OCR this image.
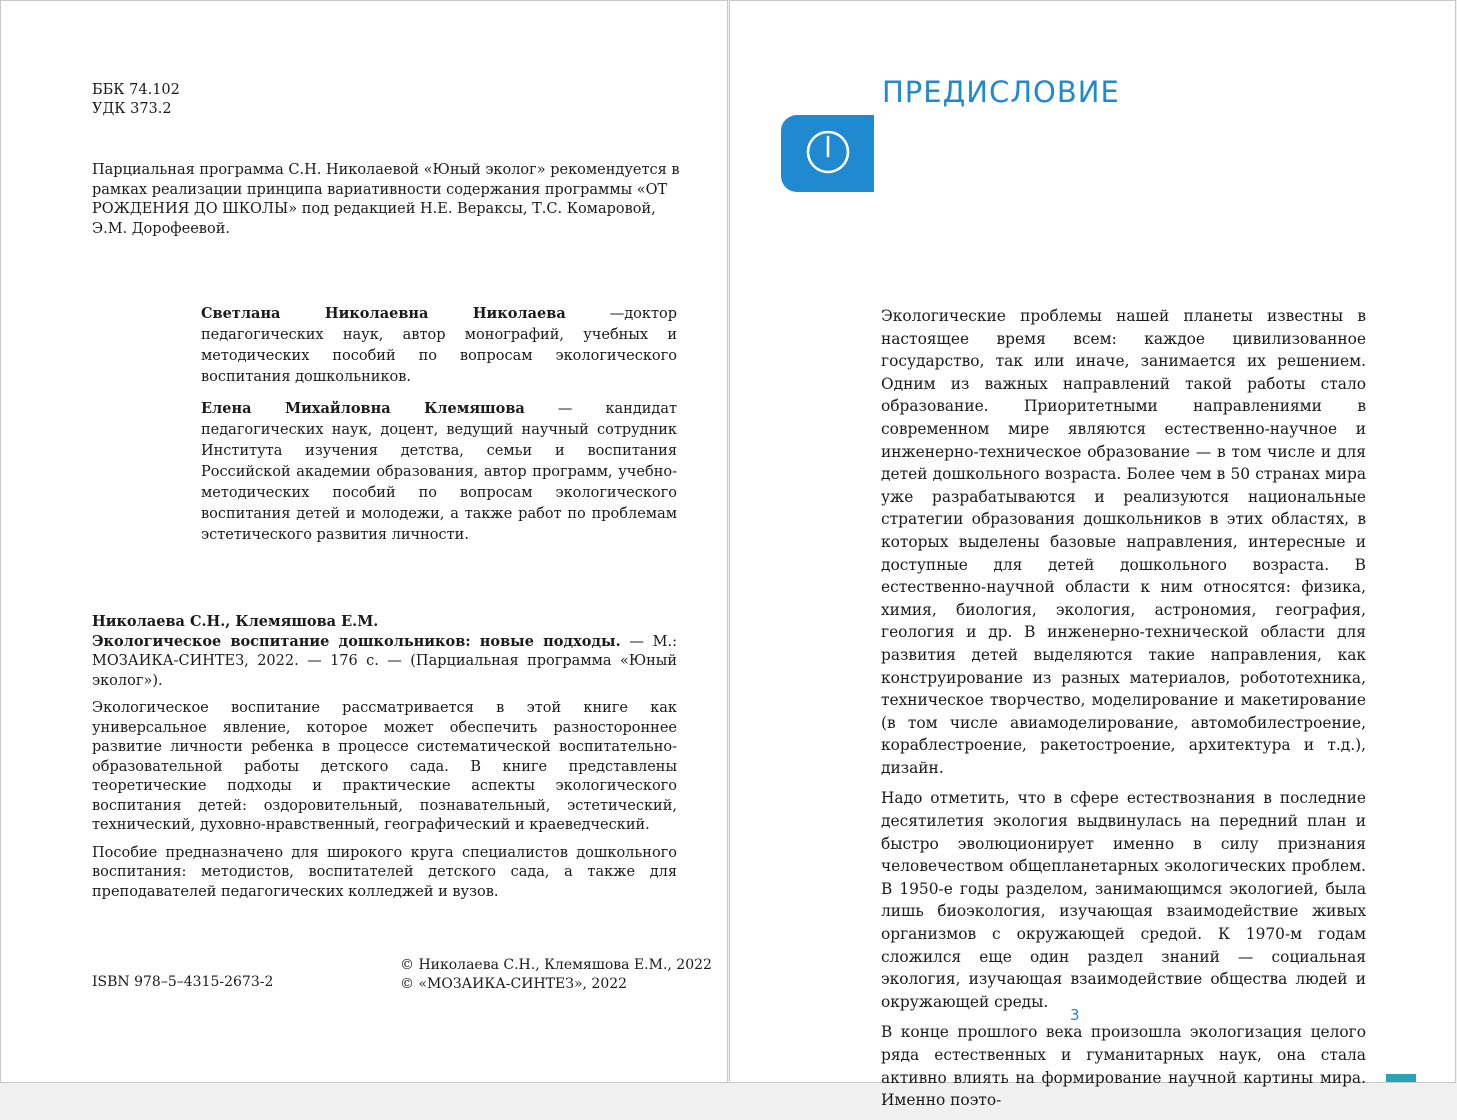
ББК 74.102
УДК 373.2
Парциальная программа С.Н. Николаевой «Юный эколог» рекомендуется в рамках реализации принципа вариативности содержания программы «ОТ РОЖДЕНИЯ ДО ШКОЛЫ» под редакцией Н.Е. Вераксы, Т.С. Комаровой, Э.М. Дорофеевой.

Светлана Николаевна Николаева —доктор педагогических наук, автор монографий, учебных и методических пособий по вопросам экологического воспитания дошкольников.

Елена Михайловна Клемяшова — кандидат педагогических наук, доцент, ведущий научный сотрудник Института изучения детства, семьи и воспитания Российской академии образования, автор программ, учебно-методических пособий по вопросам экологического воспитания детей и молодежи, а также работ по проблемам эстетического развития личности.

Николаева С.Н., Клемяшова Е.М.

Экологическое воспитание дошкольников: новые подходы. — М.: МОЗАИКА-СИНТЕЗ, 2022. — 176 с. — (Парциальная программа «Юный эколог»).

Экологическое воспитание рассматривается в этой книге как универсальное явление, которое может обеспечить разностороннее развитие личности ребенка в процессе систематической воспитательно-образовательной работы детского сада. В книге представлены теоретические подходы и практические аспекты экологического воспитания детей: оздоровительный, познавательный, эстетический, технический, духовно-нравственный, географический и краеведческий.

Пособие предназначено для широкого круга специалистов дошкольного воспитания: методистов, воспитателей детского сада, а также для преподавателей педагогических колледжей и вузов.

ISBN 978–5–4315-2673-2
© Николаева С.Н., Клемяшова Е.М., 2022
© «МОЗАИКА-СИНТЕЗ», 2022
ПРЕДИСЛОВИЕ

Экологические проблемы нашей планеты известны в настоящее время всем: каждое цивилизованное государство, так или иначе, занимается их решением. Одним из важных направлений такой работы стало образование. Приоритетными направлениями в современном мире являются естественно-научное и инженерно-техническое образование — в том числе и для детей дошкольного возраста. Более чем в 50 странах мира уже разрабатываются и реализуются национальные стратегии образования дошкольников в этих областях, в которых выделены базовые направления, интересные и доступные для детей дошкольного возраста. В естественно-научной области к ним относятся: физика, химия, биология, экология, астрономия, география, геология и др. В инженерно-технической области для развития детей выделяются такие направления, как конструирование из разных материалов, робототехника, техническое творчество, моделирование и макетирование (в том числе авиамоделирование, автомобилестроение, кораблестроение, ракетостроение, архитектура и т.д.), дизайн.

Надо отметить, что в сфере естествознания в последние десятилетия экология выдвинулась на передний план и быстро эволюционирует именно в силу признания человечеством общепланетарных экологических проблем. В 1950-е годы разделом, занимающимся экологией, была лишь биоэкология, изучающая взаимодействие живых организмов с окружающей средой. К 1970-м годам сложился еще один раздел знаний — социальная экология, изучающая взаимодействие общества людей и окружающей среды.

В конце прошлого века произошла экологизация целого ряда естественных и гуманитарных наук, она стала активно влиять на формирование научной картины мира. Именно поэто-

3
